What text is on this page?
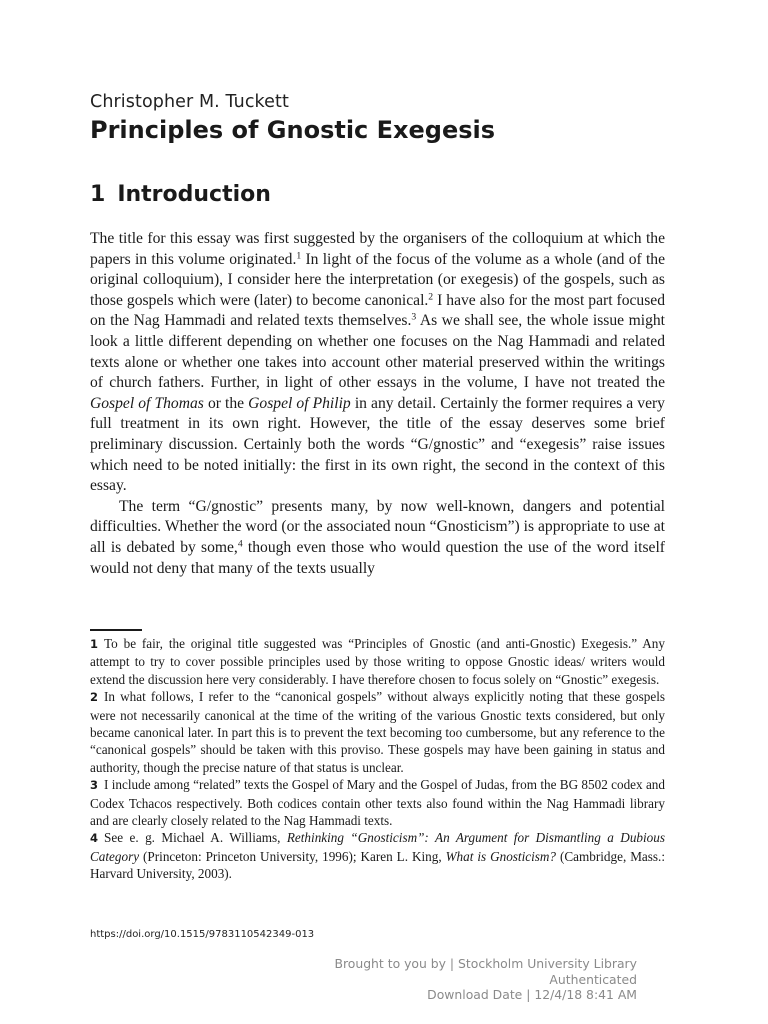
Christopher M. Tuckett
Principles of Gnostic Exegesis
1 Introduction

The title for this essay was first suggested by the organisers of the colloquium at which the papers in this volume originated.$^1$ In light of the focus of the volume as a whole (and of the original colloquium), I consider here the interpretation (or exegesis) of the gospels, such as those gospels which were (later) to become canonical.$^2$ I have also for the most part focused on the Nag Hammadi and related texts themselves.$^3$ As we shall see, the whole issue might look a little different depending on whether one focuses on the Nag Hammadi and related texts alone or whether one takes into account other material preserved within the writings of church fathers. Further, in light of other essays in the volume, I have not treated the Gospel of Thomas or the Gospel of Philip in any detail. Certainly the former requires a very full treatment in its own right. However, the title of the essay deserves some brief preliminary discussion. Certainly both the words “G/gnostic” and “exegesis” raise issues which need to be noted initially: the first in its own right, the second in the context of this essay.

The term “G/gnostic” presents many, by now well-known, dangers and potential difficulties. Whether the word (or the associated noun “Gnosticism”) is appropriate to use at all is debated by some,$^4$ though even those who would question the use of the word itself would not deny that many of the texts usually

1 To be fair, the original title suggested was “Principles of Gnostic (and anti-Gnostic) Exegesis.” Any attempt to try to cover possible principles used by those writing to oppose Gnostic ideas/ writers would extend the discussion here very considerably. I have therefore chosen to focus solely on “Gnostic” exegesis.

2 In what follows, I refer to the “canonical gospels” without always explicitly noting that these gospels were not necessarily canonical at the time of the writing of the various Gnostic texts considered, but only became canonical later. In part this is to prevent the text becoming too cumbersome, but any reference to the “canonical gospels” should be taken with this proviso. These gospels may have been gaining in status and authority, though the precise nature of that status is unclear.

3 I include among “related” texts the Gospel of Mary and the Gospel of Judas, from the BG 8502 codex and Codex Tchacos respectively. Both codices contain other texts also found within the Nag Hammadi library and are clearly closely related to the Nag Hammadi texts.

4 See e. g. Michael A. Williams, Rethinking “Gnosticism”: An Argument for Dismantling a Dubious Category (Princeton: Princeton University, 1996); Karen L. King, What is Gnosticism? (Cambridge, Mass.: Harvard University, 2003).

https://doi.org/10.1515/9783110542349-013
Brought to you by | Stockholm University Library
Authenticated
Download Date | 12/4/18 8:41 AM
